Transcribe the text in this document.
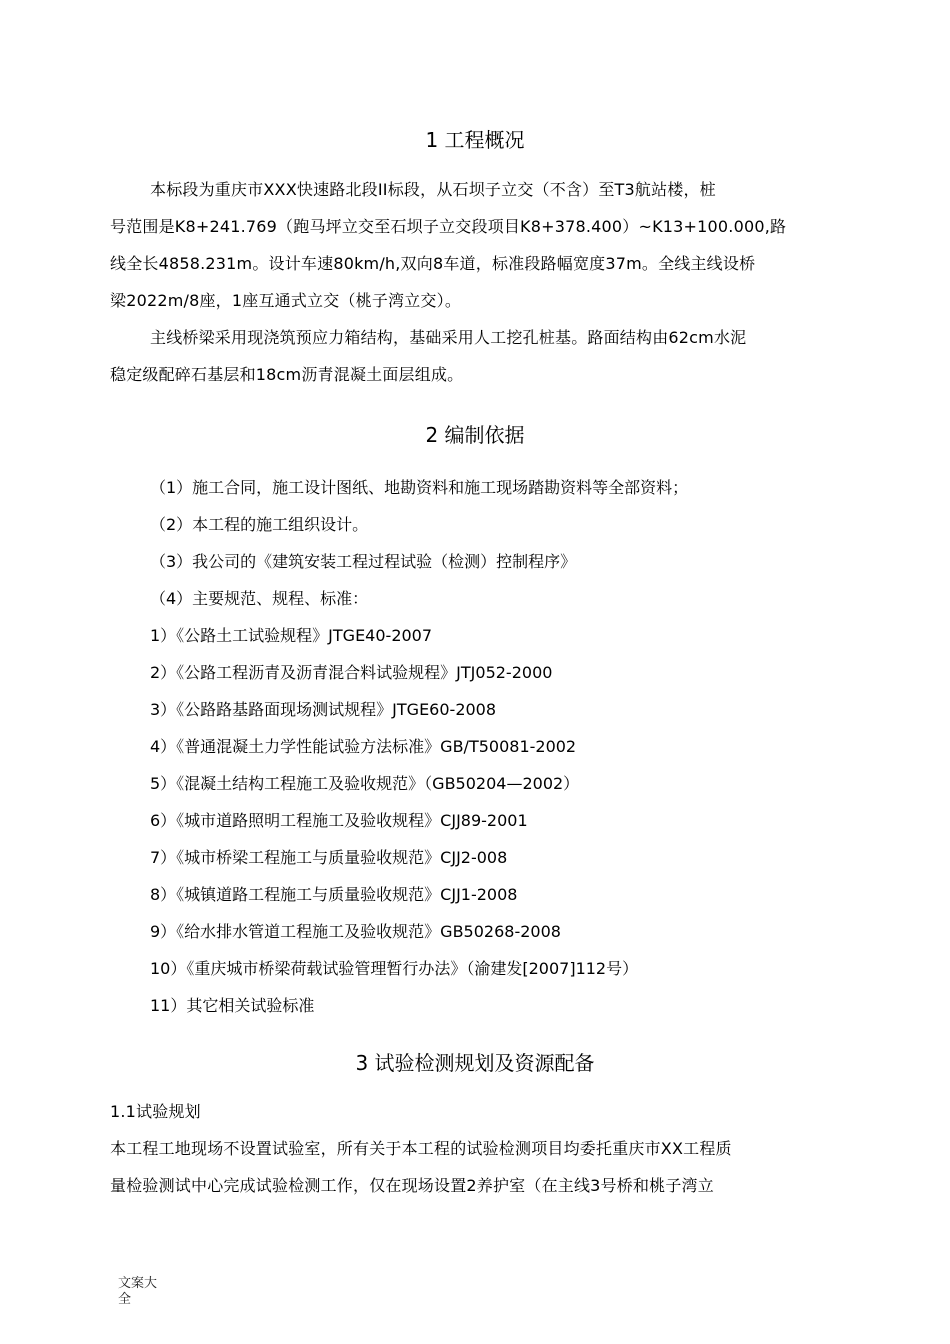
1 工程概况
本标段为重庆市XXX快速路北段II标段，从石坝子立交（不含）至T3航站楼，桩
号范围是K8+241.769（跑马坪立交至石坝子立交段项目K8+378.400）~K13+100.000,路
线全长4858.231m。设计车速80km/h,双向8车道，标准段路幅宽度37m。全线主线设桥
梁2022m/8座，1座互通式立交（桃子湾立交）。
主线桥梁采用现浇筑预应力箱结构，基础采用人工挖孔桩基。路面结构由62cm水泥
稳定级配碎石基层和18cm沥青混凝土面层组成。
2 编制依据
（1）施工合同，施工设计图纸、地勘资料和施工现场踏勘资料等全部资料；
（2）本工程的施工组织设计。
（3）我公司的《建筑安装工程过程试验（检测）控制程序》
（4）主要规范、规程、标准：
1）《公路土工试验规程》JTGE40-2007
2）《公路工程沥青及沥青混合料试验规程》JTJ052-2000
3）《公路路基路面现场测试规程》JTGE60-2008
4）《普通混凝土力学性能试验方法标准》GB/T50081-2002
5）《混凝土结构工程施工及验收规范》（GB50204—2002）
6）《城市道路照明工程施工及验收规程》CJJ89-2001
7）《城市桥梁工程施工与质量验收规范》CJJ2-008
8）《城镇道路工程施工与质量验收规范》CJJ1-2008
9）《给水排水管道工程施工及验收规范》GB50268-2008
10）《重庆城市桥梁荷载试验管理暂行办法》（渝建发[2007]112号）
11）其它相关试验标准
3 试验检测规划及资源配备
1.1试验规划
本工程工地现场不设置试验室，所有关于本工程的试验检测项目均委托重庆市XX工程质
量检验测试中心完成试验检测工作，仅在现场设置2养护室（在主线3号桥和桃子湾立
文案大
全
